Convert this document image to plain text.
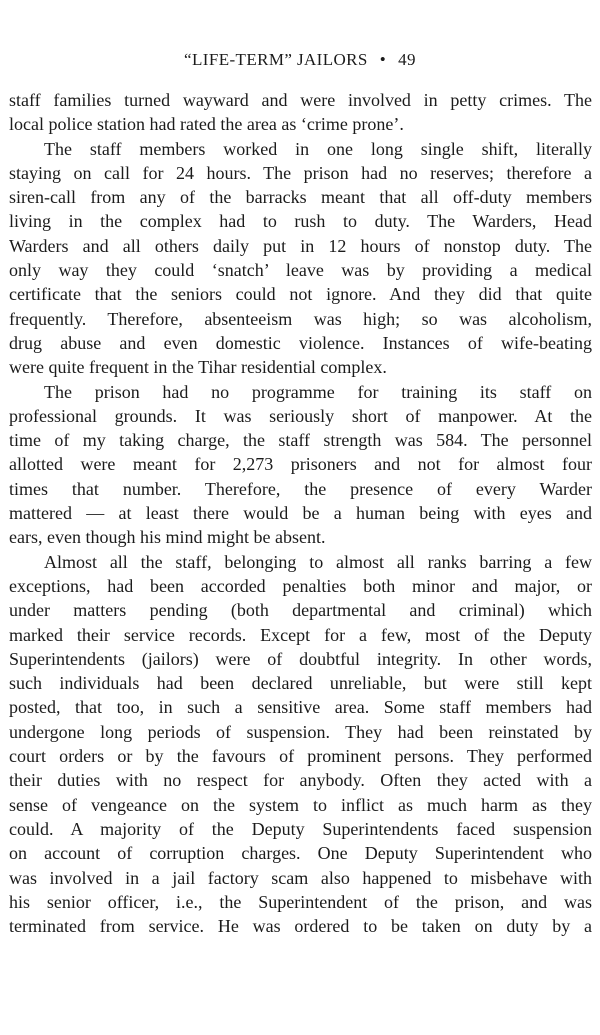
“LIFE-TERM” JAILORS • 49
staff families turned wayward and were involved in petty crimes. The
local police station had rated the area as ‘crime prone’.
The staff members worked in one long single shift, literally
staying on call for 24 hours. The prison had no reserves; therefore a
siren-call from any of the barracks meant that all off-duty members
living in the complex had to rush to duty. The Warders, Head
Warders and all others daily put in 12 hours of nonstop duty. The
only way they could ‘snatch’ leave was by providing a medical
certificate that the seniors could not ignore. And they did that quite
frequently. Therefore, absenteeism was high; so was alcoholism,
drug abuse and even domestic violence. Instances of wife-beating
were quite frequent in the Tihar residential complex.
The prison had no programme for training its staff on
professional grounds. It was seriously short of manpower. At the
time of my taking charge, the staff strength was 584. The personnel
allotted were meant for 2,273 prisoners and not for almost four
times that number. Therefore, the presence of every Warder
mattered — at least there would be a human being with eyes and
ears, even though his mind might be absent.
Almost all the staff, belonging to almost all ranks barring a few
exceptions, had been accorded penalties both minor and major, or
under matters pending (both departmental and criminal) which
marked their service records. Except for a few, most of the Deputy
Superintendents (jailors) were of doubtful integrity. In other words,
such individuals had been declared unreliable, but were still kept
posted, that too, in such a sensitive area. Some staff members had
undergone long periods of suspension. They had been reinstated by
court orders or by the favours of prominent persons. They performed
their duties with no respect for anybody. Often they acted with a
sense of vengeance on the system to inflict as much harm as they
could. A majority of the Deputy Superintendents faced suspension
on account of corruption charges. One Deputy Superintendent who
was involved in a jail factory scam also happened to misbehave with
his senior officer, i.e., the Superintendent of the prison, and was
terminated from service. He was ordered to be taken on duty by a
